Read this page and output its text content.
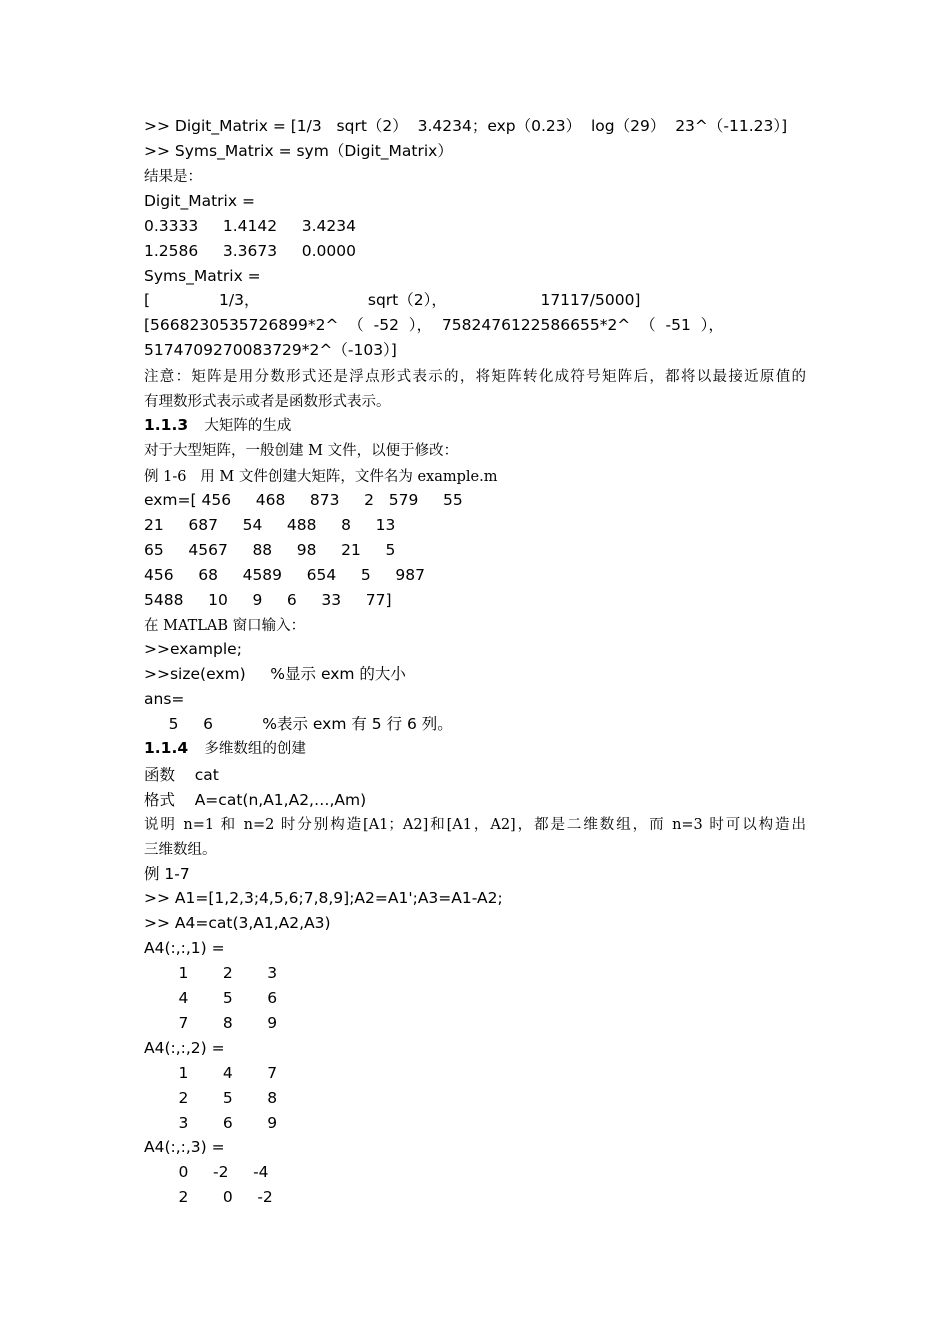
>> Digit_Matrix = [1/3   sqrt（2）  3.4234；exp（0.23）  log（29）  23^（-11.23）]
>> Syms_Matrix = sym（Digit_Matrix）
结果是：
Digit_Matrix =
0.3333     1.4142     3.4234
1.2586     3.3673     0.0000
Syms_Matrix =
[              1/3，                      sqrt（2），                   17117/5000]
[5668230535726899*2^  （  -52  ），  7582476122586655*2^  （  -51  ），
5174709270083729*2^（-103）]
注意：矩阵是用分数形式还是浮点形式表示的，将矩阵转化成符号矩阵后，都将以最接近原值的
有理数形式表示或者是函数形式表示。
1.1.3 大矩阵的生成
对于大型矩阵，一般创建 M 文件，以便于修改：
例 1-6   用 M 文件创建大矩阵，文件名为 example.m
exm=[ 456     468     873     2   579     55
21     687     54     488     8     13
65     4567     88     98     21     5
456     68     4589     654     5     987
5488     10     9     6     33     77]
在 MATLAB 窗口输入：
>>example;
>>size(exm)     %显示 exm 的大小
ans=
5     6          %表示 exm 有 5 行 6 列。
1.1.4 多维数组的创建
函数    cat
格式    A=cat(n,A1,A2,…,Am)
说明 n=1 和 n=2 时分别构造[A1；A2]和[A1，A2]，都是二维数组，而 n=3 时可以构造出
三维数组。
例 1-7
>> A1=[1,2,3;4,5,6;7,8,9];A2=A1';A3=A1-A2;
>> A4=cat(3,A1,A2,A3)
A4(:,:,1) =
1       2       3
4       5       6
7       8       9
A4(:,:,2) =
1       4       7
2       5       8
3       6       9
A4(:,:,3) =
0     -2     -4
2       0     -2
